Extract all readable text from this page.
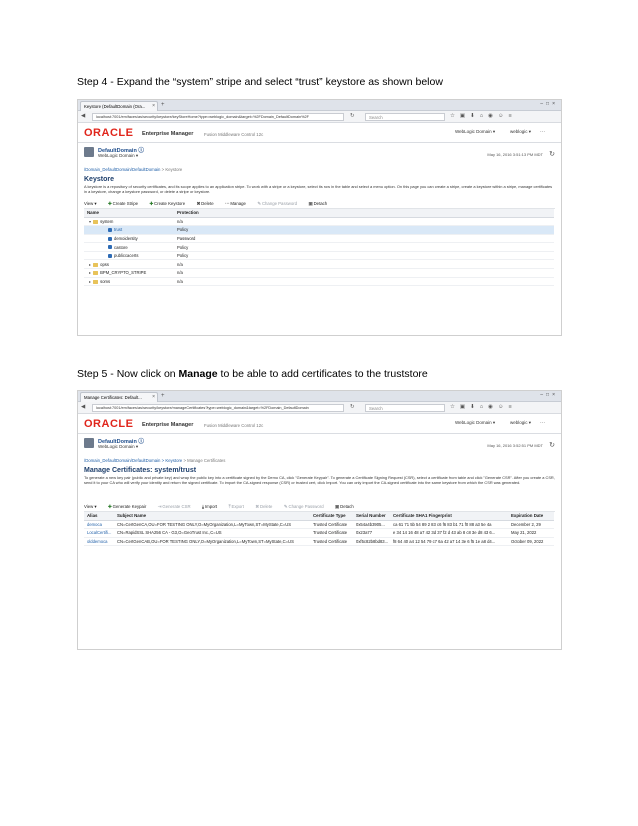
Step 4 - Expand the “system” stripe and select “trust” keystore as shown below
Keystore (DefaultDomain (Ora... × +	–□×
◀	localhost:7001/em/faces/as/security/keystore/keyStoreHome?type=weblogic_domain&target=%2FDomain_DefaultDomain%2F	↻	Search	☆▣⬇⌂◉☺≡
ORACLE Enterprise Manager Fusion Middleware Control 12c
WebLogic Domain ▾	weblogic ▾ ···
DefaultDomain ⓘ
WebLogic Domain ▾	May 16, 2016 3:51:13 PM MDT ↻
/Domain_DefaultDomain/DefaultDomain > Keystore
Keystore
A keystore is a repository of security certificates, and its scope applies to an application stripe. To work with a stripe or a keystore, select its row in the table and select a menu option. On this page you can create a stripe, create a keystore within a stripe, manage certificates in a keystore, change a keystore password, or delete a stripe or keystore.
View ▾	✚Create Stripe	✚Create Keystore	✖Delete	⋯Manage	✎Change Password	▣Detach
Name	Protection
▾ system	n/a
trust	Policy
demoidentity	Password
castore	Policy
publiccacerts	Policy
▸ opss	n/a
▸ BPM_CRYPTO_STRIPE	n/a
▸ soms	n/a
Step 5 - Now click on Manage to be able to add certificates to the truststore
Manage Certificates: Default... × +	–□×
◀	localhost:7001/em/faces/as/security/keystore/manageCertificates?type=weblogic_domain&target=%2FDomain_DefaultDomain	↻	Search	☆▣⬇⌂◉☺≡
ORACLE Enterprise Manager Fusion Middleware Control 12c
WebLogic Domain ▾	weblogic ▾ ···
DefaultDomain ⓘ
WebLogic Domain ▾	May 16, 2016 3:52:51 PM MDT ↻
/Domain_DefaultDomain/DefaultDomain > Keystore > Manage Certificates
Manage Certificates: system/trust
To generate a new key pair (public and private key) and wrap the public key into a certificate signed by the Demo CA, click "Generate Keypair". To generate a Certificate Signing Request (CSR), select a certificate from table and click "Generate CSR". After you create a CSR, send it to your CA who will verify your identity and return the signed certificate. To import the CA-signed response (CSR) or trusted cert, click Import. You can only import the CA-signed certificate into the same keystore from which the CSR was generated.
View ▾	✚Generate Keypair	⇥Generate CSR	⤓Import	⤒Export	✖Delete	✎Change Password	▣Detach
Alias	Subject Name	Certificate Type	Serial Number	Certificate SHA1 Fingerprint	Expiration Date
democa	CN=CertGenCA,OU=FOR TESTING ONLY,O=MyOrganization,L=MyTown,ST=MyState,C=US	Trusted Certificate	0x54a4b3905...	ca 61 71 5b 54 89 2 83 c6 f6 83 b1 71 f0 88 a3 5e 4a	December 2, 29
LocalCertifi...	CN=RapidSSL SHA256 CA - G3,O=GeoTrust Inc.,C=US	Trusted Certificate	0x23a77	e 34 14 16 48 a7 42 3d 37 f2 d 43 ab 8 c8 3e d8 43 6...	May 21, 2022
olddemoca	CN=CertGenCAB,OU=FOR TESTING ONLY,O=MyOrganization,L=MyTown,ST=MyState,C=US	Trusted Certificate	0xf5c82b8bd83...	f8 64 40 a4 12 54 79 c7 6a 42 a7 14 3e 6 f5 1e a8 d4...	October 09, 2022
